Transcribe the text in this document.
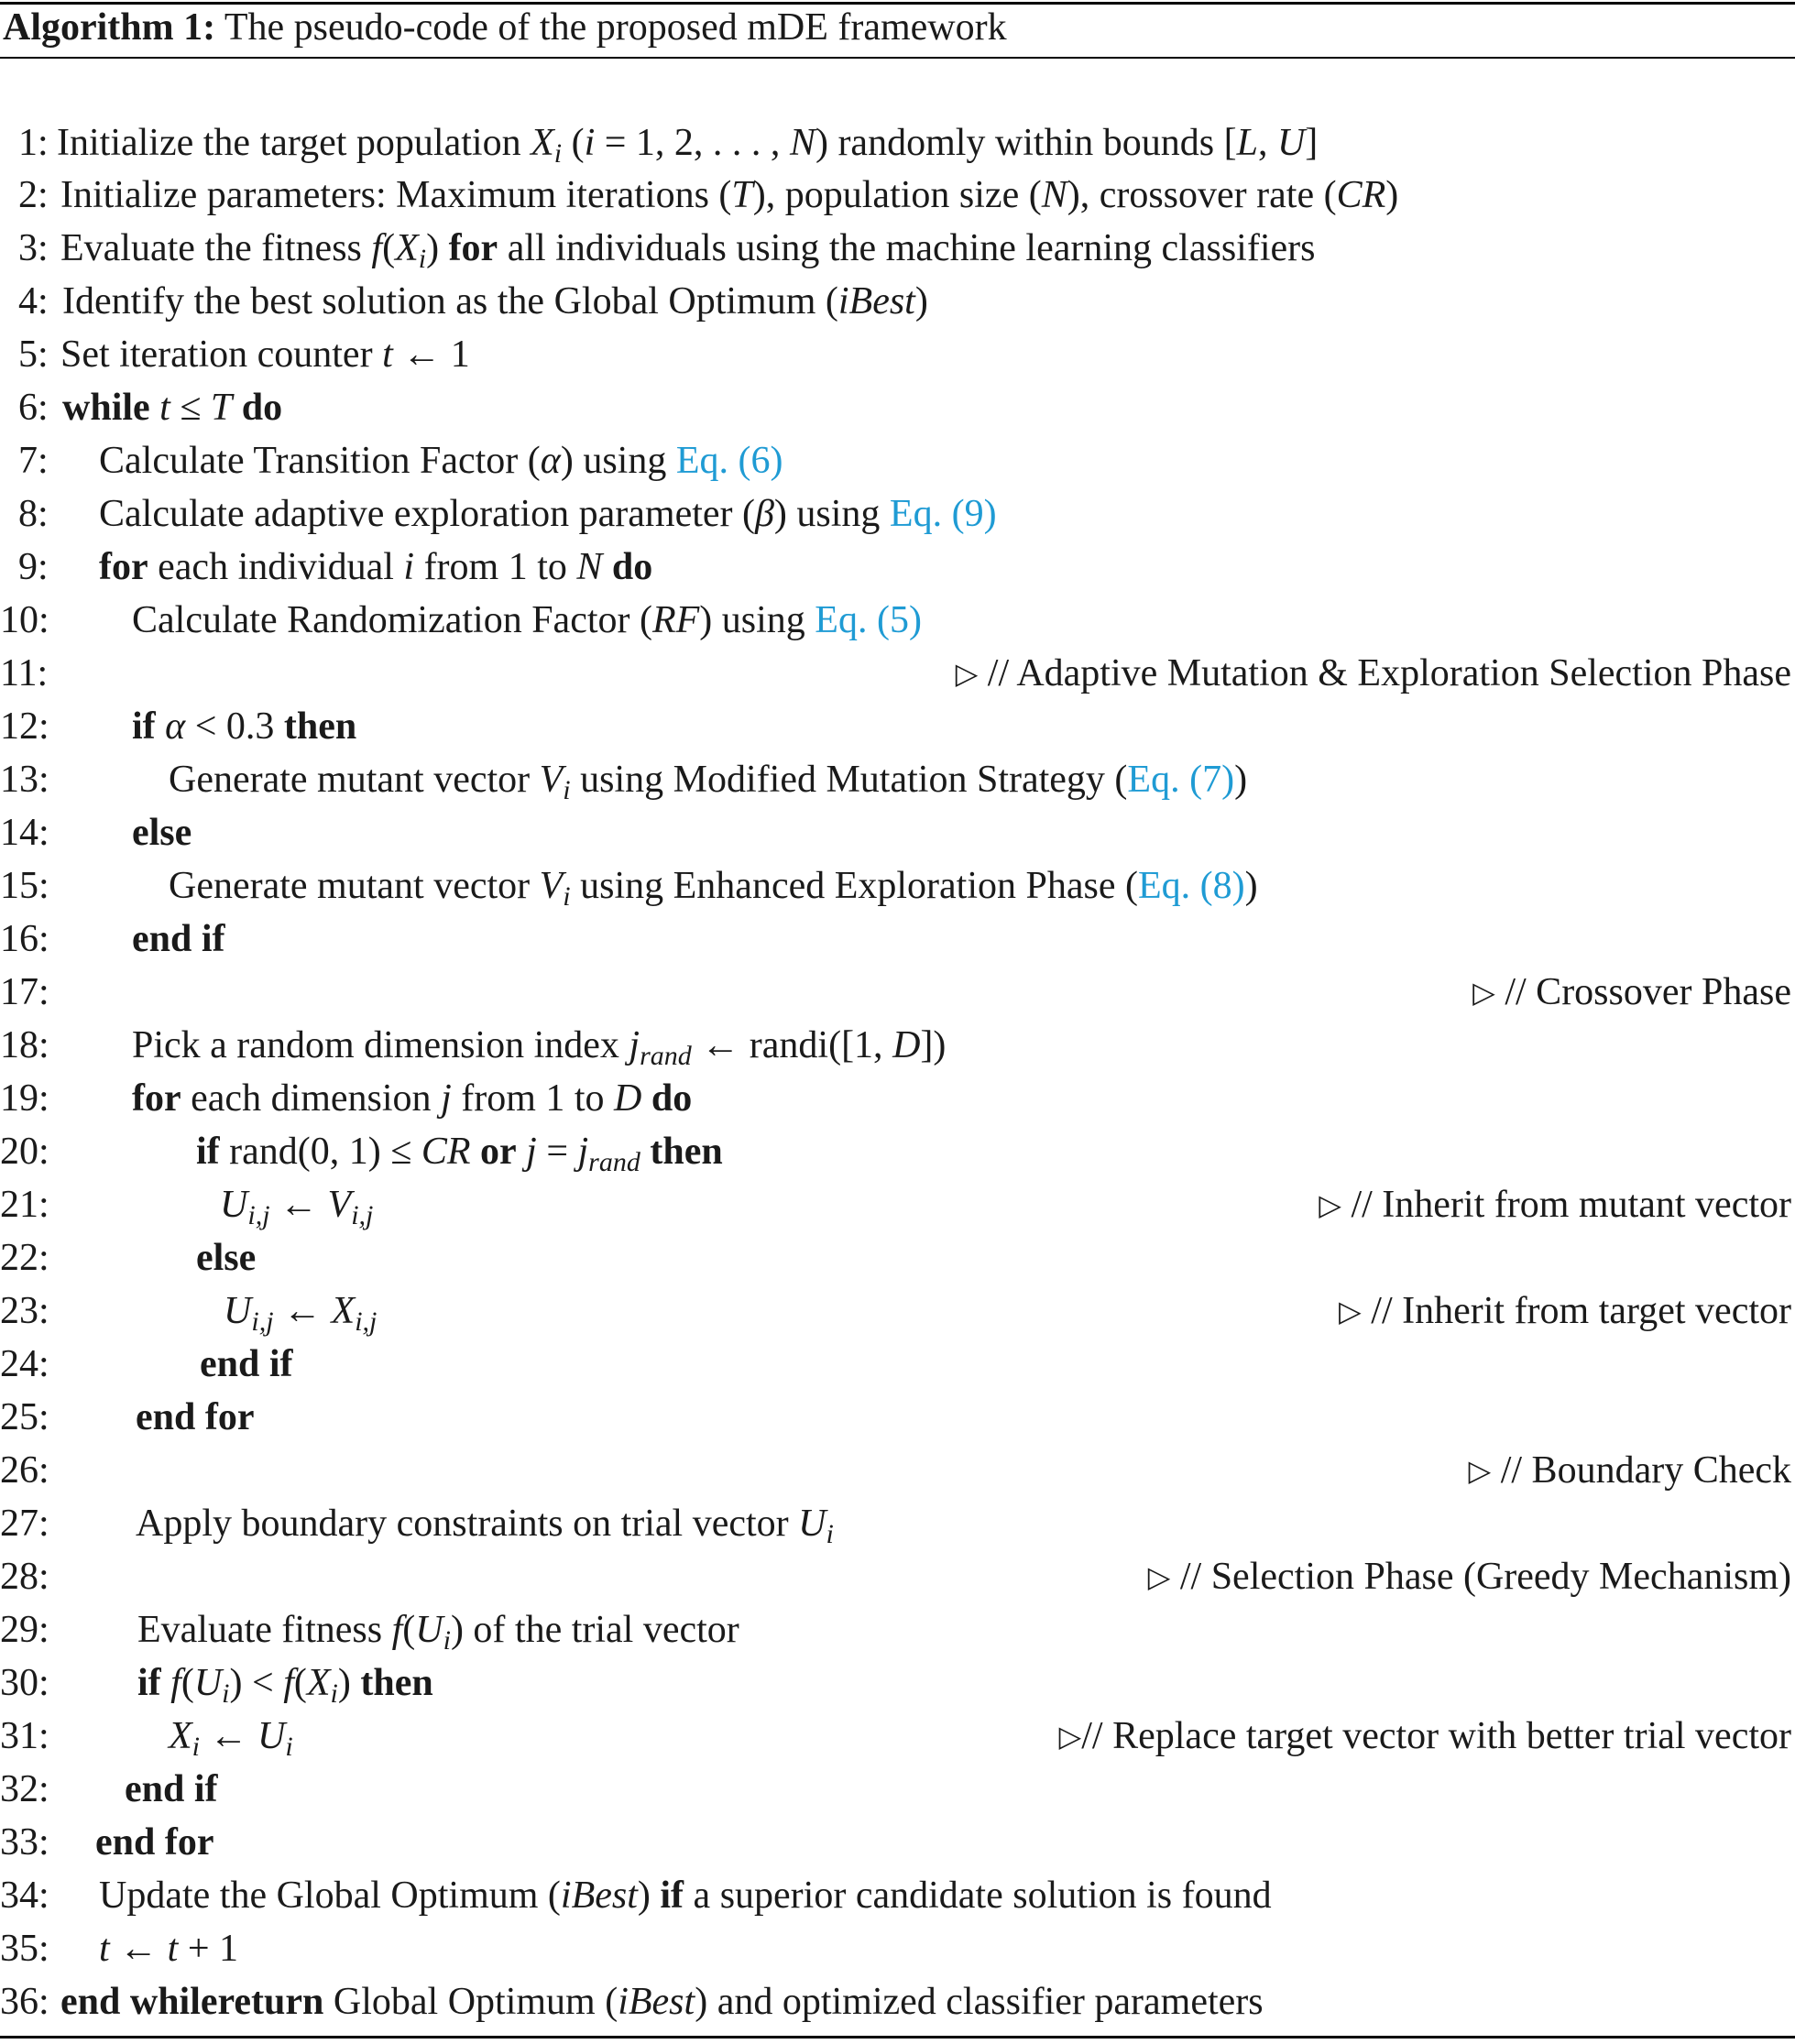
Algorithm 1: The pseudo-code of the proposed mDE framework
1: Initialize the target population $X_i$ (i = 1, 2, . . . , N) randomly within bounds [L, U]
2: Initialize parameters: Maximum iterations (T), population size (N), crossover rate (CR)
3: Evaluate the fitness $f(X_i)$ for all individuals using the machine learning classifiers
4: Identify the best solution as the Global Optimum (iBest)
5: Set iteration counter t ← 1
6: while t ≤ T do
7: Calculate Transition Factor (α) using Eq. (6)
8: Calculate adaptive exploration parameter (β) using Eq. (9)
9: for each individual i from 1 to N do
10: Calculate Randomization Factor (RF) using Eq. (5)
11:	▷ // Adaptive Mutation & Exploration Selection Phase
12: if α < 0.3 then
13:	Generate mutant vector $V_i$ using Modified Mutation Strategy (Eq. (7))
14: else
15:	Generate mutant vector $V_i$ using Enhanced Exploration Phase (Eq. (8))
16: end if
17:	▷ // Crossover Phase
18: Pick a random dimension index $j_{rand}$ ← randi([1, D])
19: for each dimension j from 1 to D do
20:	if rand(0, 1) ≤ CR or $j = j_{rand}$ then
21:	$U_{i,j}$ ← $V_{i,j}$	▷ // Inherit from mutant vector
22:	else
23:	$U_{i,j}$ ← $X_{i,j}$	▷ // Inherit from target vector
24:	end if
25: end for
26:	▷ // Boundary Check
27: Apply boundary constraints on trial vector $U_i$
28:	▷ // Selection Phase (Greedy Mechanism)
29: Evaluate fitness $f(U_i)$ of the trial vector
30: if $f(U_i) < f(X_i)$ then
31:	$X_i$ ← $U_i$	▷// Replace target vector with better trial vector
32: end if
33: end for
34: Update the Global Optimum (iBest) if a superior candidate solution is found
35: t ← t + 1
36: end whilereturn Global Optimum (iBest) and optimized classifier parameters
